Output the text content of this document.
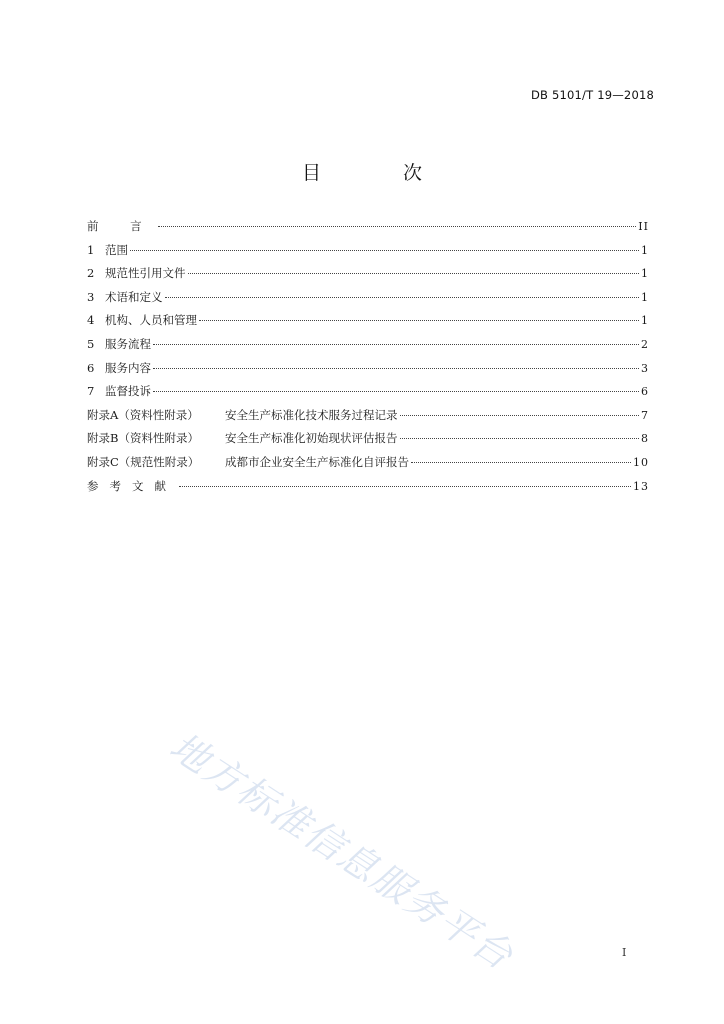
DB 5101/T 19—2018
目 次
前 言	II
1 范围	1
2 规范性引用文件	1
3 术语和定义	1
4 机构、人员和管理	1
5 服务流程	2
6 服务内容	3
7 监督投诉	6
附录A（资料性附录）	安全生产标准化技术服务过程记录	7
附录B（资料性附录）	安全生产标准化初始现状评估报告	8
附录C（规范性附录）	成都市企业安全生产标准化自评报告	10
参考文献	13
地方标准信息服务平台	I
